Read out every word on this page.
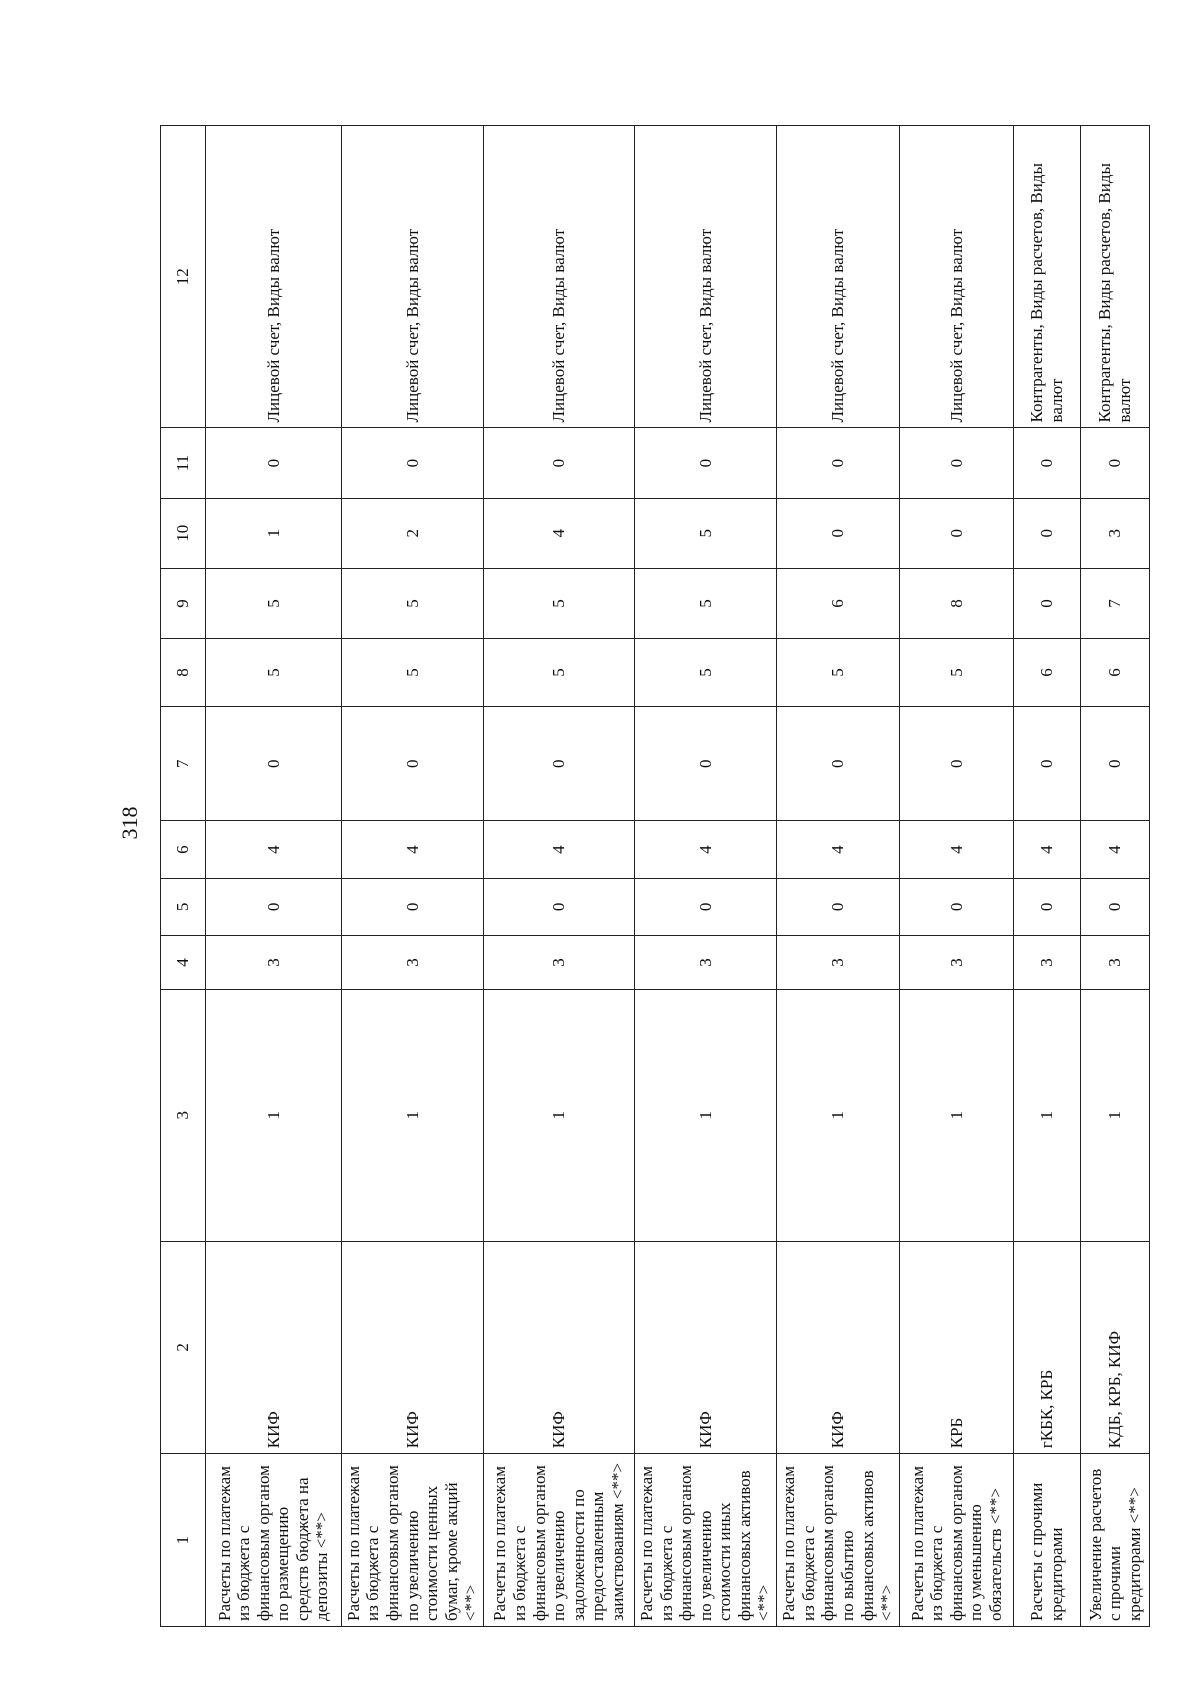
318
1	2	3	4	5	6	7	8	9	10	11	12
Расчеты по платежам из бюджета с финансовым органом по размещению средств бюджета на депозиты <**>	КИФ	1	3	0	4	0	5	5	1	0	Лицевой счет, Виды валют
Расчеты по платежам из бюджета с финансовым органом по увеличению стоимости ценных бумаг, кроме акций <**>	КИФ	1	3	0	4	0	5	5	2	0	Лицевой счет, Виды валют
Расчеты по платежам из бюджета с финансовым органом по увеличению задолженности по предоставленным заимствованиям <**>	КИФ	1	3	0	4	0	5	5	4	0	Лицевой счет, Виды валют
Расчеты по платежам из бюджета с финансовым органом по увеличению стоимости иных финансовых активов <**>	КИФ	1	3	0	4	0	5	5	5	0	Лицевой счет, Виды валют
Расчеты по платежам из бюджета с финансовым органом по выбытию финансовых активов <**>	КИФ	1	3	0	4	0	5	6	0	0	Лицевой счет, Виды валют
Расчеты по платежам из бюджета с финансовым органом по уменьшению обязательств <**>	КРБ	1	3	0	4	0	5	8	0	0	Лицевой счет, Виды валют
Расчеты с прочими кредиторами	гКБК, КРБ	1	3	0	4	0	6	0	0	0	Контрагенты, Виды расчетов, Виды валют
Увеличение расчетов с прочими кредиторами <**>	КДБ, КРБ, КИФ	1	3	0	4	0	6	7	3	0	Контрагенты, Виды расчетов, Виды валют
